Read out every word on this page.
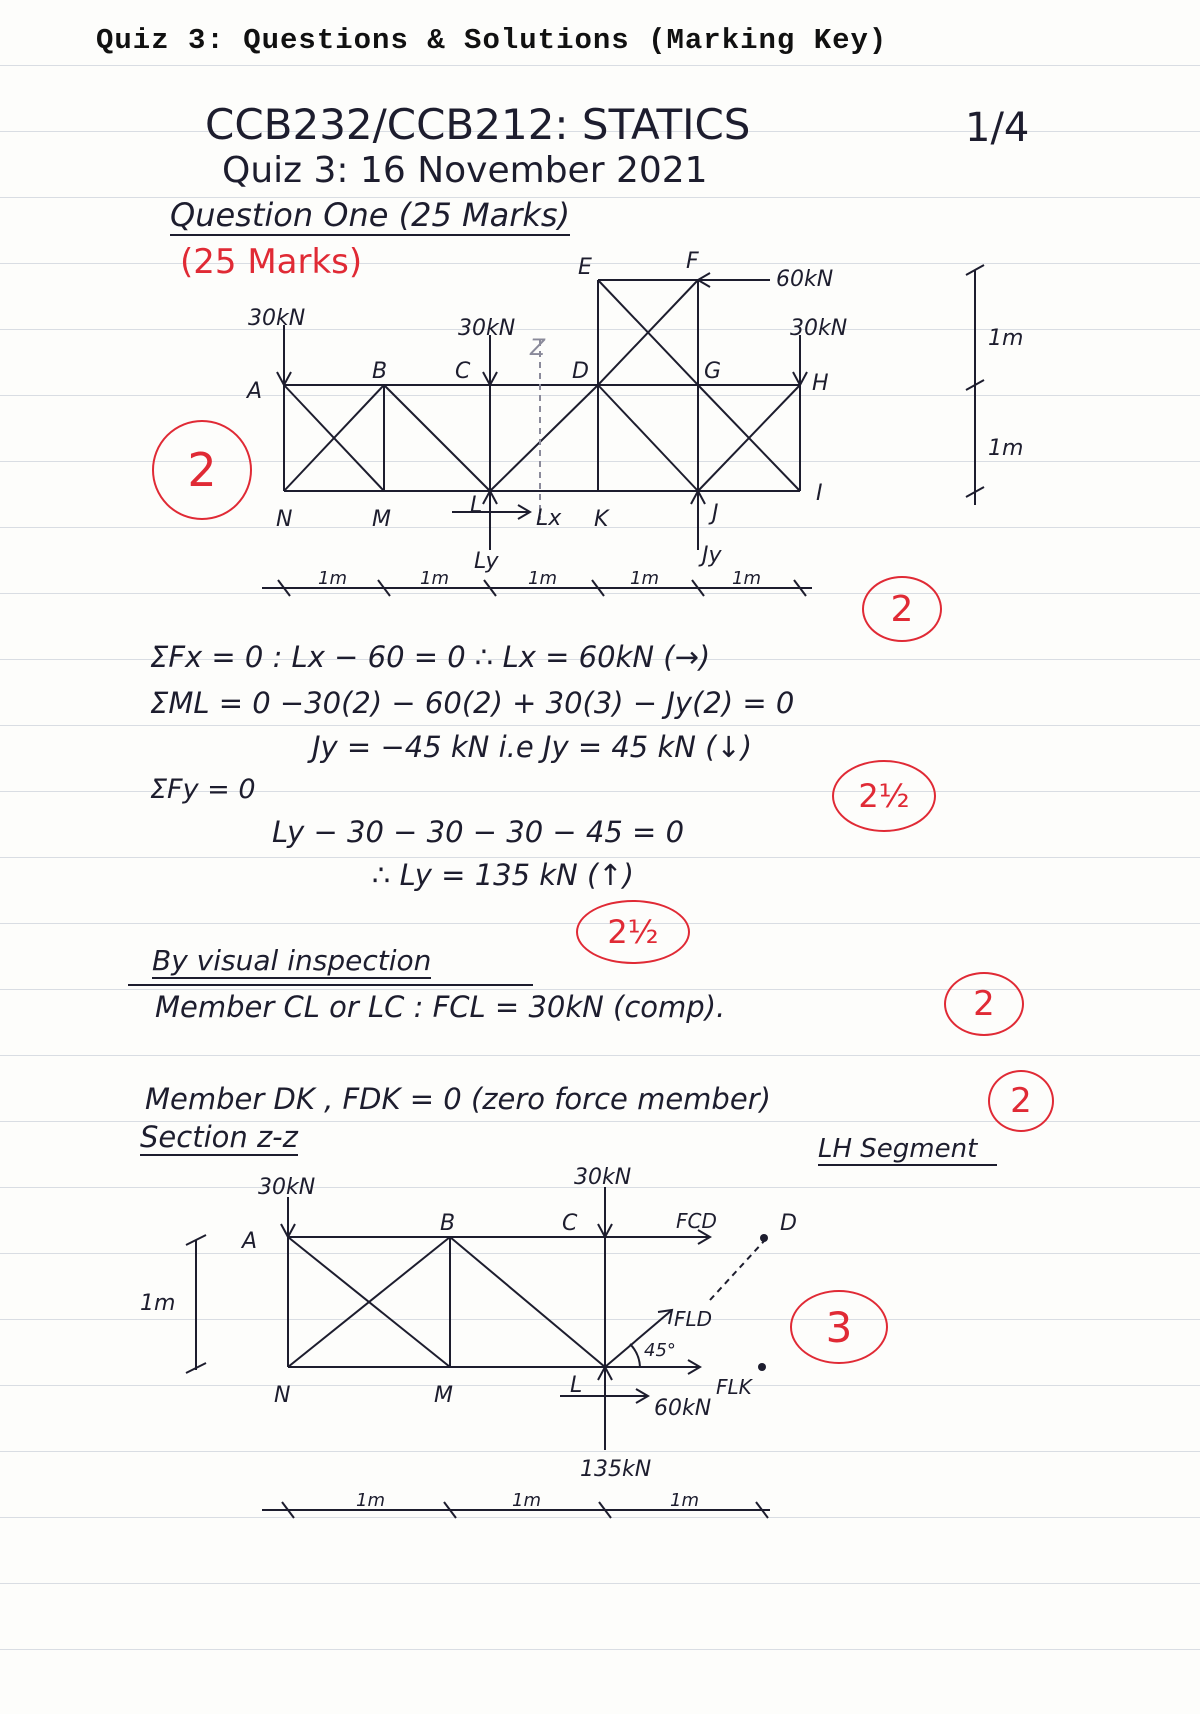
Quiz 3: Questions & Solutions (Marking Key)
CCB232/CCB212: STATICS	1/4
Quiz 3: 16 November 2021
Question One (25 Marks)
(25 Marks)
30kN	30kN	30kN
60kN
A
B	C	D	G	H
N	M
L
K	J
I
E	F
Z
Lx
Ly	Jy
1m	1m	1m	1m	1m
1m
1m
2
2
ΣFx = 0 : Lx − 60 = 0 ∴ Lx = 60kN (→)
ΣML = 0 −30(2) − 60(2) + 30(3) − Jy(2) = 0
Jy = −45 kN i.e Jy = 45 kN (↓)
2½
ΣFy = 0
Ly − 30 − 30 − 30 − 45 = 0
∴ Ly = 135 kN (↑)
2½
By visual inspection
Member CL or LC : FCL = 30kN (comp).	2
Member DK , FDK = 0 (zero force member)	2
Section z-z	LH Segment
30kN	30kN
A
B	C	D
N	M	L
FCD
FLD
FLK
60kN
135kN
45°
1m
1m	1m	1m
3
